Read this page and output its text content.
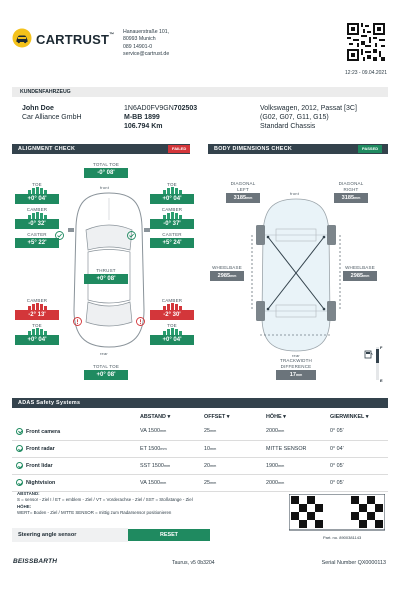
CARTRUST™ Hanauerstraße 101,
80993 Munich
089 14901-0
service@cartrust.de
12:23 - 09.04.2021
KUNDENFAHRZEUG
John Doe
Car Alliance GmbH
1N6AD0FV9GN702503
M-BB 1899
106.794 Km
Volkswagen, 2012, Passat [3C]
(G02, G07, G11, G15)
Standard Chassis
ALIGNMENT CHECK	FAILED
front
rear
TOTAL TOE
-0° 08'
TOE
+0° 04'
CAMBER
-0° 32'
CASTER
+5° 22'
TOE
+0° 04'
CAMBER
-0° 37'
CASTER
+5° 24'
THRUST
+0° 08'
CAMBER
-2° 13'
TOE
+0° 04'
CAMBER
-2° 30'
TOE
+0° 04'
TOTAL TOE
+0° 08'
BODY DIMENSIONS CHECK	PASSED
front
rear
DIAGONAL LEFT
3185mm
DIAGONAL RIGHT
3185mm
WHEELBASE
2985mm
WHEELBASE
2985mm
TRACKWIDTH DIFFERENCE
17mm
F
E
ADAS Safety Systems
	ABSTAND ▾	OFFSET ▾	HÖHE ▾	GIERWINKEL ▾
Front camera	VA 1500mm	25mm	2000mm	0° 05'
Front radar	ET 1500mm	10mm	MITTE SENSOR	0° 04'
Front lidar	SST 1500mm	20mm	1900mm	0° 05'
Nightvision	VA 1500mm	25mm	2000mm	0° 05'
ABSTAND:
S = sensor - Ziel I / ET = emblem - Ziel / VT = Vorderachse - Ziel / SST = Stoßstange - Ziel
HÖHE:
WERT= Boden - Ziel / MITTE SENSOR = mittig zum Radarsensor positionieren
Part. no. 8900381143
Steering angle sensor	RESET
BEISSBARTH	Taurus, v5 0b3204	Serial Number QX0000113
